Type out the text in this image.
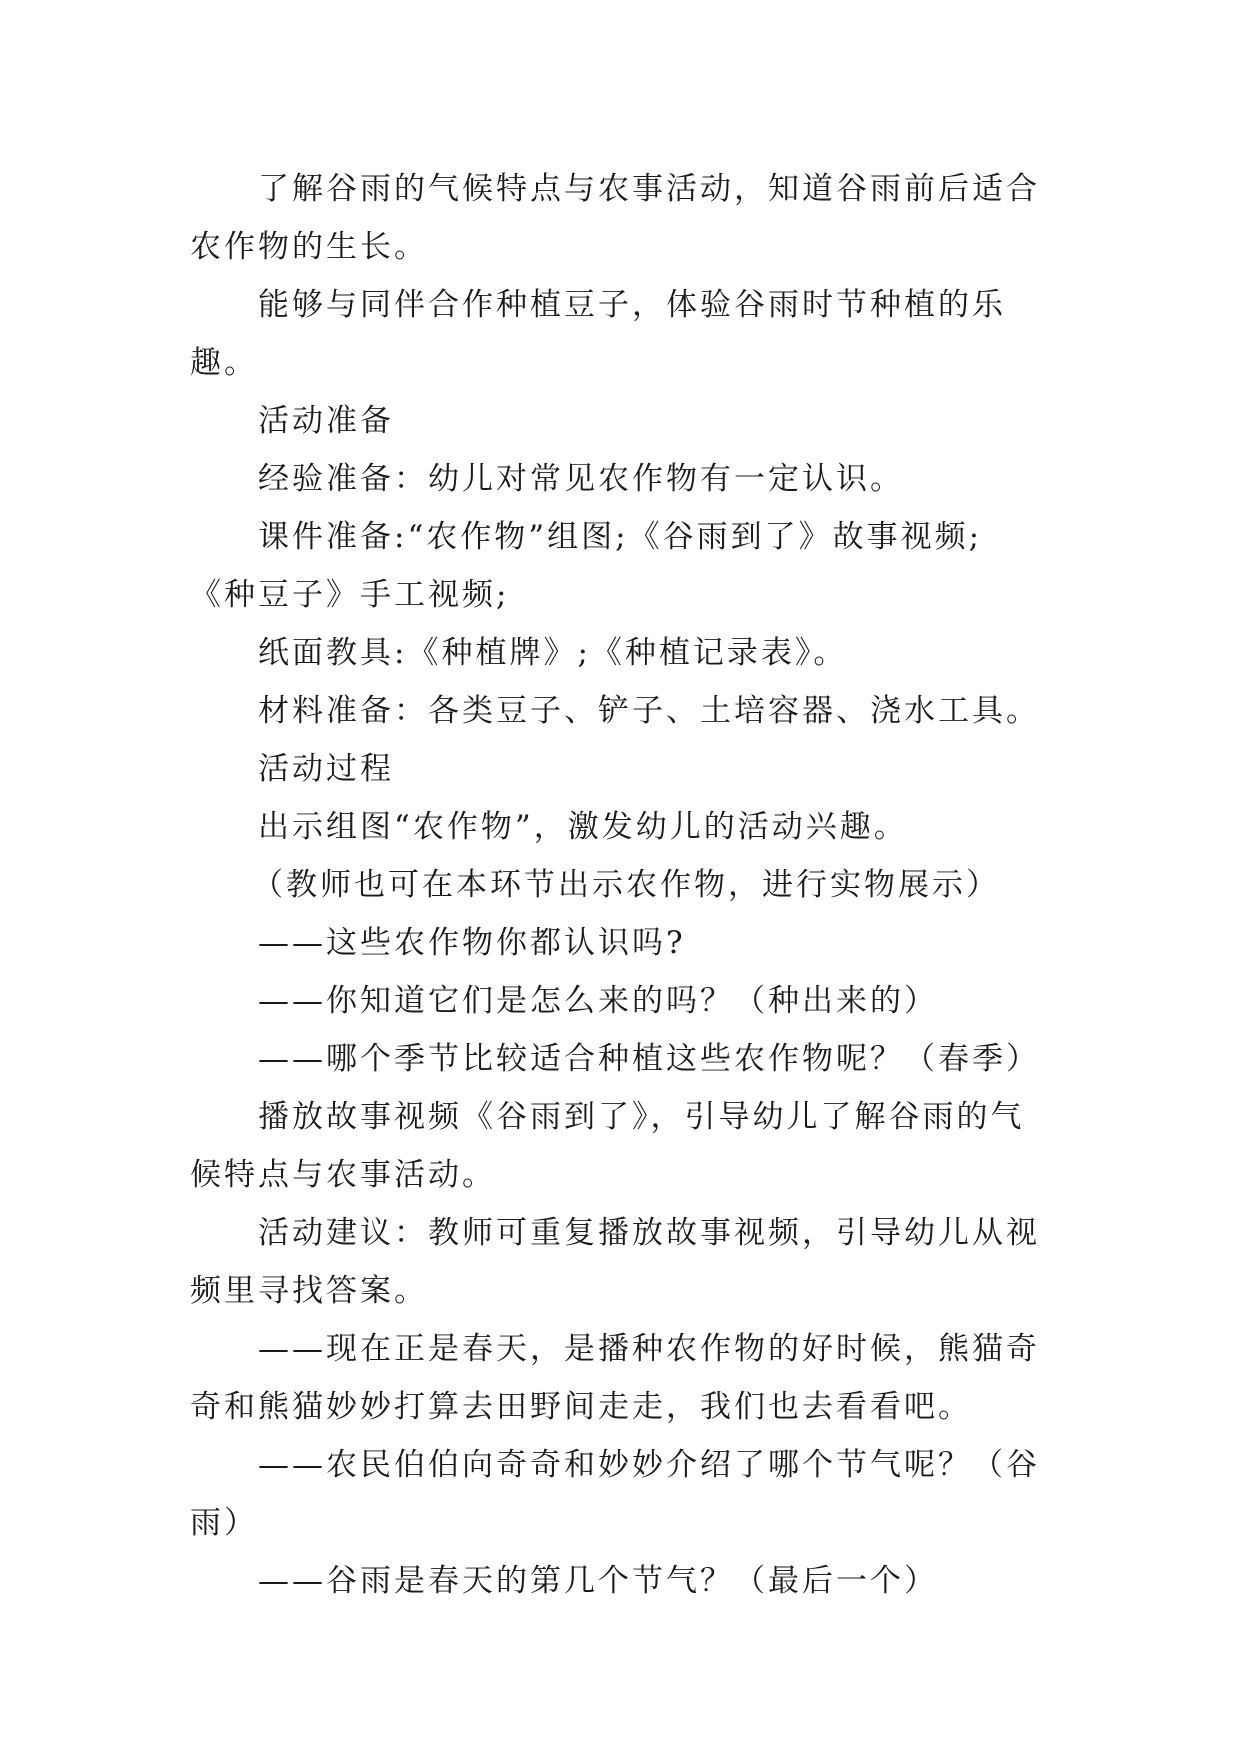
了解谷雨的气候特点与农事活动，知道谷雨前后适合农作物的生长。

能够与同伴合作种植豆子，体验谷雨时节种植的乐趣。

活动准备

经验准备：幼儿对常见农作物有一定认识。

课件准备:“农作物”组图;《谷雨到了》故事视频;《种豆子》手工视频;

纸面教具:《种植牌》;《种植记录表》。

材料准备：各类豆子、铲子、土培容器、浇水工具。

活动过程

出示组图“农作物”，激发幼儿的活动兴趣。

（教师也可在本环节出示农作物，进行实物展示）

——这些农作物你都认识吗?

——你知道它们是怎么来的吗？（种出来的）

——哪个季节比较适合种植这些农作物呢？（春季）

播放故事视频《谷雨到了》，引导幼儿了解谷雨的气候特点与农事活动。

活动建议：教师可重复播放故事视频，引导幼儿从视频里寻找答案。

——现在正是春天，是播种农作物的好时候，熊猫奇奇和熊猫妙妙打算去田野间走走，我们也去看看吧。

——农民伯伯向奇奇和妙妙介绍了哪个节气呢？（谷雨）

——谷雨是春天的第几个节气？（最后一个）
